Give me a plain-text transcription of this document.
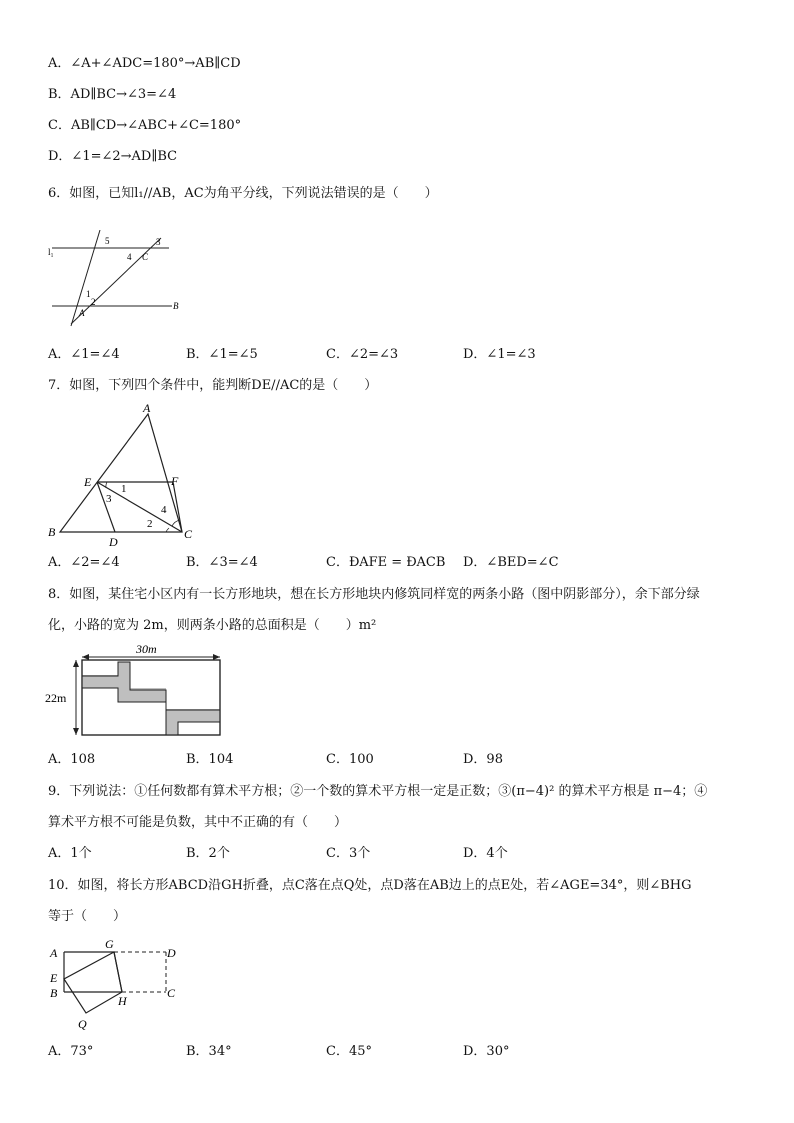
A．∠A+∠ADC=180°→AB∥CD
B．AD∥BC→∠3=∠4
C．AB∥CD→∠ABC+∠C=180°
D．∠1=∠2→AD∥BC
6．如图，已知l₁//AB，AC为角平分线，下列说法错误的是（　　）
l₁
5	3
4 C
1
2
A
B
A．∠1=∠4	B．∠1=∠5	C．∠2=∠3	D．∠1=∠3
7．如图，下列四个条件中，能判断DE//AC的是（　　）
A
E	F
B
D
C
1
2
3
4
A．∠2=∠4	B．∠3=∠4	C．ÐAFE = ÐACB D．∠BED=∠C
8．如图，某住宅小区内有一长方形地块，想在长方形地块内修筑同样宽的两条小路（图中阴影部分），余下部分绿
化，小路的宽为 2m，则两条小路的总面积是（　　）m²
30m
22m
A．108	B．104	C．100	D．98
9．下列说法：①任何数都有算术平方根；②一个数的算术平方根一定是正数；③(π−4)² 的算术平方根是 π−4；④
算术平方根不可能是负数，其中不正确的有（　　）
A．1个	B．2个	C．3个	D．4个
10．如图，将长方形ABCD沿GH折叠，点C落在点Q处，点D落在AB边上的点E处，若∠AGE=34°，则∠BHG
等于（　　）
A
G
D
E
B
H
C
Q
A．73°	B．34°	C．45°	D．30°
